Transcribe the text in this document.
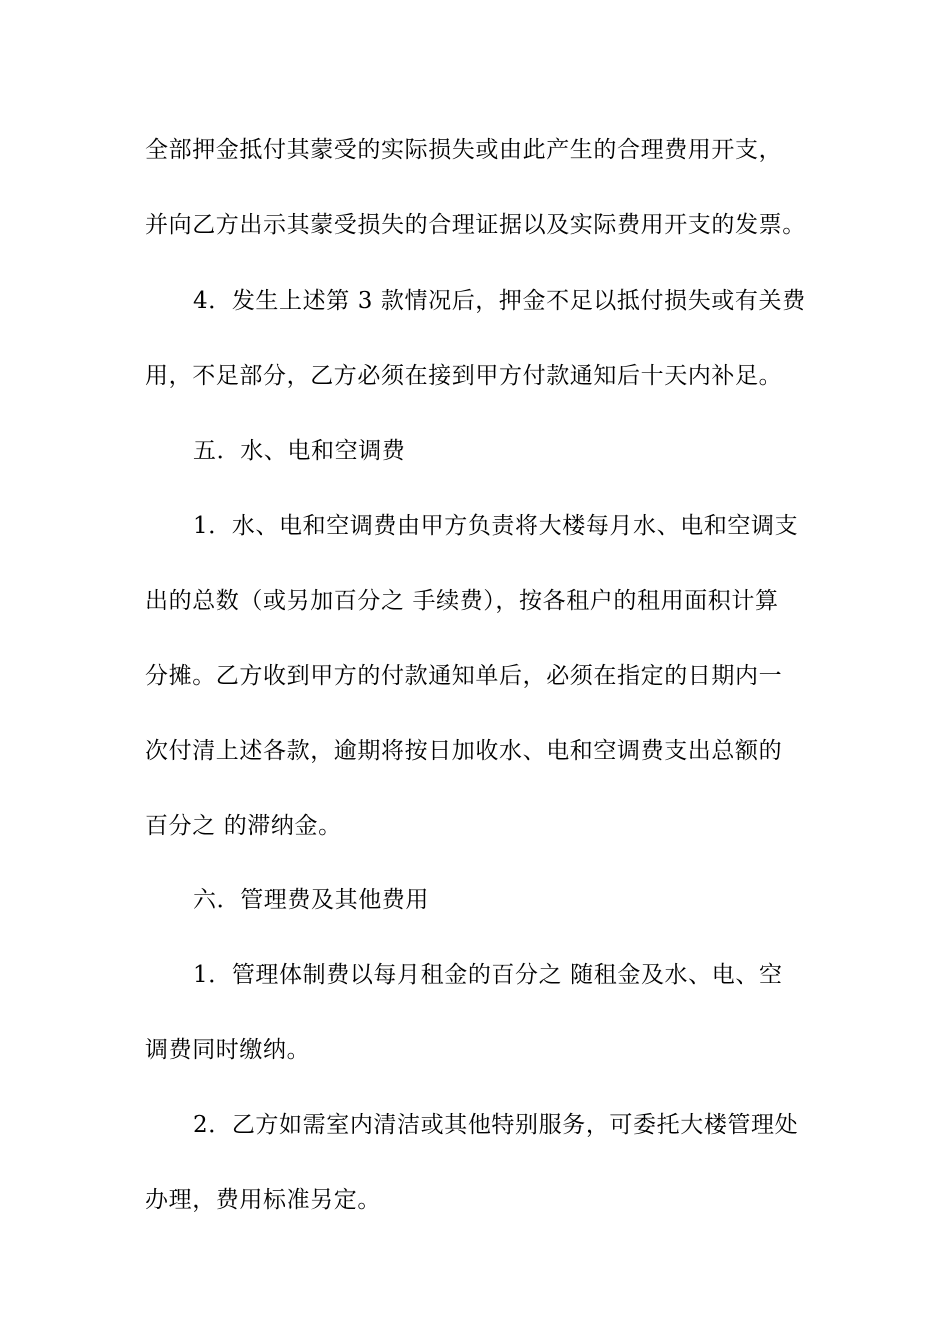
全部押金抵付其蒙受的实际损失或由此产生的合理费用开支，
并向乙方出示其蒙受损失的合理证据以及实际费用开支的发票。
4．发生上述第 3 款情况后，押金不足以抵付损失或有关费
用，不足部分，乙方必须在接到甲方付款通知后十天内补足。
五．水、电和空调费
1．水、电和空调费由甲方负责将大楼每月水、电和空调支
出的总数（或另加百分之 手续费），按各租户的租用面积计算
分摊。乙方收到甲方的付款通知单后，必须在指定的日期内一
次付清上述各款，逾期将按日加收水、电和空调费支出总额的
百分之 的滞纳金。
六．管理费及其他费用
1．管理体制费以每月租金的百分之 随租金及水、电、空
调费同时缴纳。
2．乙方如需室内清洁或其他特别服务，可委托大楼管理处
办理，费用标准另定。
